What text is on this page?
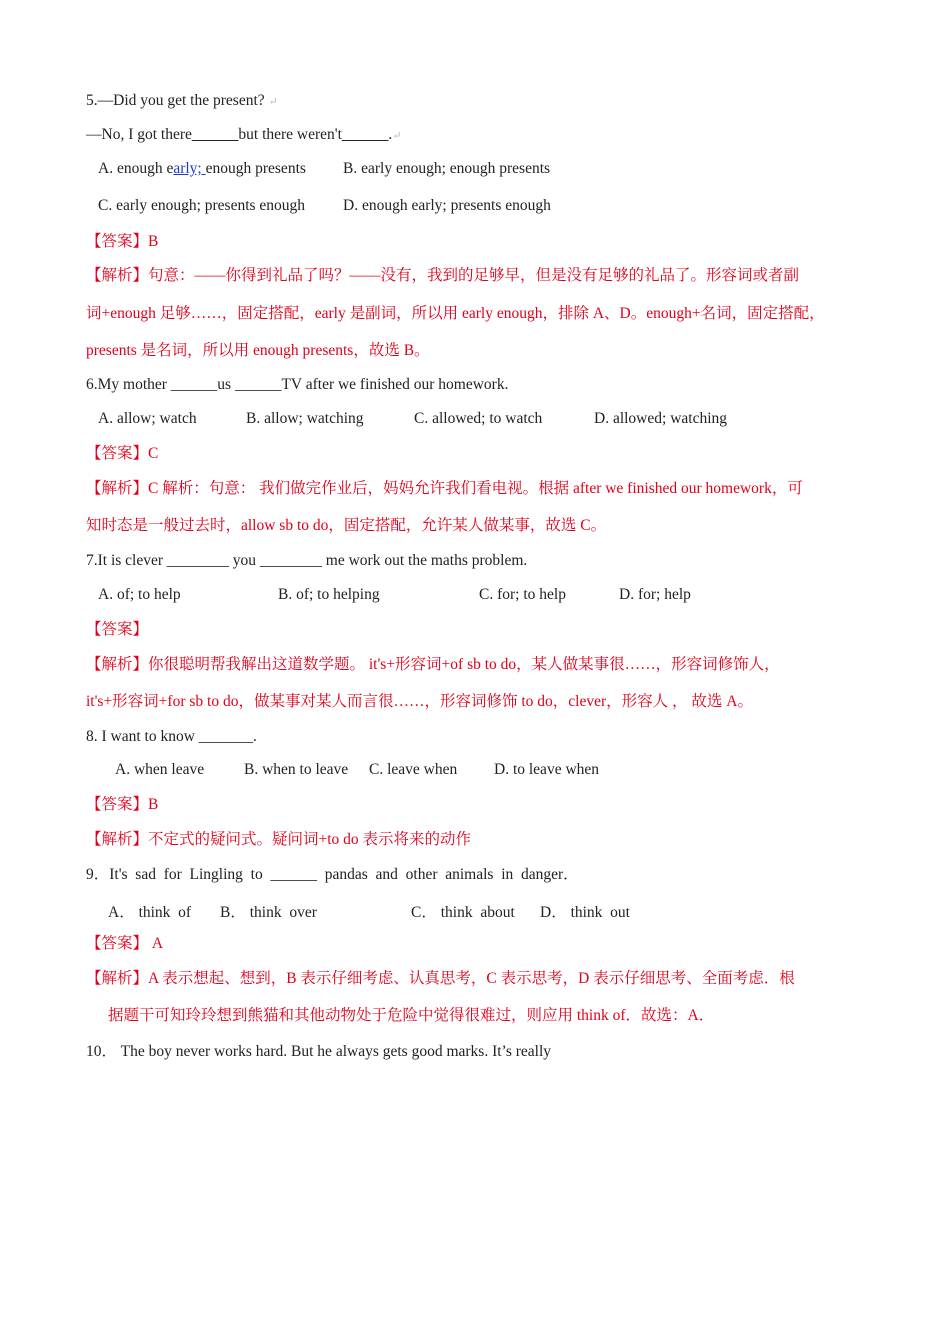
5.—Did you get the present? ↵
—No, I got there______but there weren't______.↵
A. enough early; enough presents B. early enough; enough presents
C. early enough; presents enough D. enough early; presents enough
【答案】B
【解析】句意：——你得到礼品了吗？——没有，我到的足够早，但是没有足够的礼品了。形容词或者副
词+enough 足够……，固定搭配，early 是副词，所以用 early enough，排除 A、D。enough+名词，固定搭配，
presents 是名词，所以用 enough presents，故选 B。
6.My mother ______us ______TV after we finished our homework.
A. allow; watch	B. allow; watching	C. allowed; to watch	D. allowed; watching
【答案】C
【解析】C 解析：句意： 我们做完作业后，妈妈允许我们看电视。根据 after we finished our homework，可
知时态是一般过去时，allow sb to do，固定搭配，允许某人做某事，故选 C。
7.It is clever ________ you ________ me work out the maths problem.
A. of; to help	B. of; to helping	C. for; to help	D. for; help
【答案】
【解析】你很聪明帮我解出这道数学题。 it's+形容词+of sb to do，某人做某事很……，形容词修饰人，
it's+形容词+for sb to do，做某事对某人而言很……，形容词修饰 to do，clever，形容人 ， 故选 A。
8. I want to know _______.
A. when leave	B. when to leave C. leave when D. to leave when
【答案】B
【解析】不定式的疑问式。疑问词+to do 表示将来的动作
9．It's  sad  for  Lingling  to  ______  pandas  and  other  animals  in  danger．
A． think  of B． think  over	C． think  about D． think  out
【答案】 A
【解析】A 表示想起、想到，B 表示仔细考虑、认真思考，C 表示思考，D 表示仔细思考、全面考虑．根
据题干可知玲玲想到熊猫和其他动物处于危险中觉得很难过，则应用 think of．故选：A．
10． The boy never works hard. But he always gets good marks. It’s really
